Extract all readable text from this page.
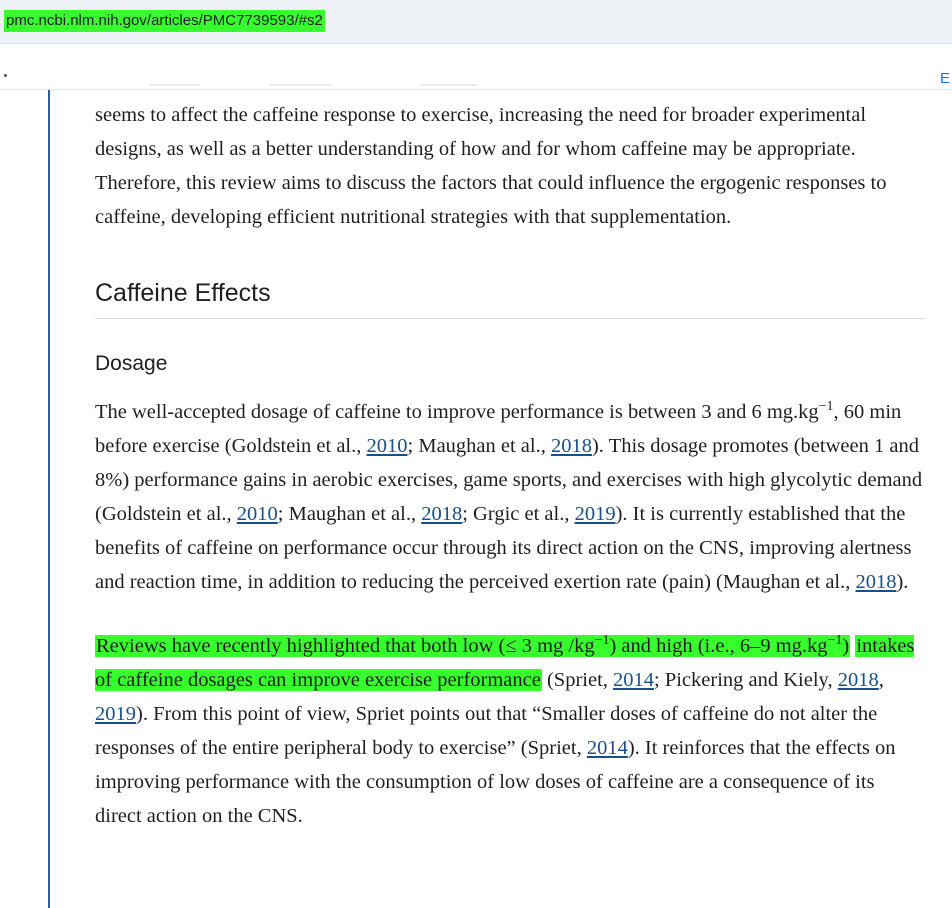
pmc.ncbi.nlm.nih.gov/articles/PMC7739593/#s2
E

seems to affect the caffeine response to exercise, increasing the need for broader experimental designs, as well as a better understanding of how and for whom caffeine may be appropriate. Therefore, this review aims to discuss the factors that could influence the ergogenic responses to caffeine, developing efficient nutritional strategies with that supplementation.

Caffeine Effects
Dosage

The well-accepted dosage of caffeine to improve performance is between 3 and 6 $mg.kg^{-1}$, 60 min before exercise (Goldstein et al., 2010; Maughan et al., 2018). This dosage promotes (between 1 and 8%) performance gains in aerobic exercises, game sports, and exercises with high glycolytic demand (Goldstein et al., 2010; Maughan et al., 2018; Grgic et al., 2019). It is currently established that the benefits of caffeine on performance occur through its direct action on the CNS, improving alertness and reaction time, in addition to reducing the perceived exertion rate (pain) (Maughan et al., 2018).

Reviews have recently highlighted that both low (≤ 3 mg $/kg^{-1}$) and high (i.e., 6–9 $mg.kg^{-1}$) intakes of caffeine dosages can improve exercise performance (Spriet, 2014; Pickering and Kiely, 2018, 2019). From this point of view, Spriet points out that “Smaller doses of caffeine do not alter the responses of the entire peripheral body to exercise” (Spriet, 2014). It reinforces that the effects on improving performance with the consumption of low doses of caffeine are a consequence of its direct action on the CNS.
